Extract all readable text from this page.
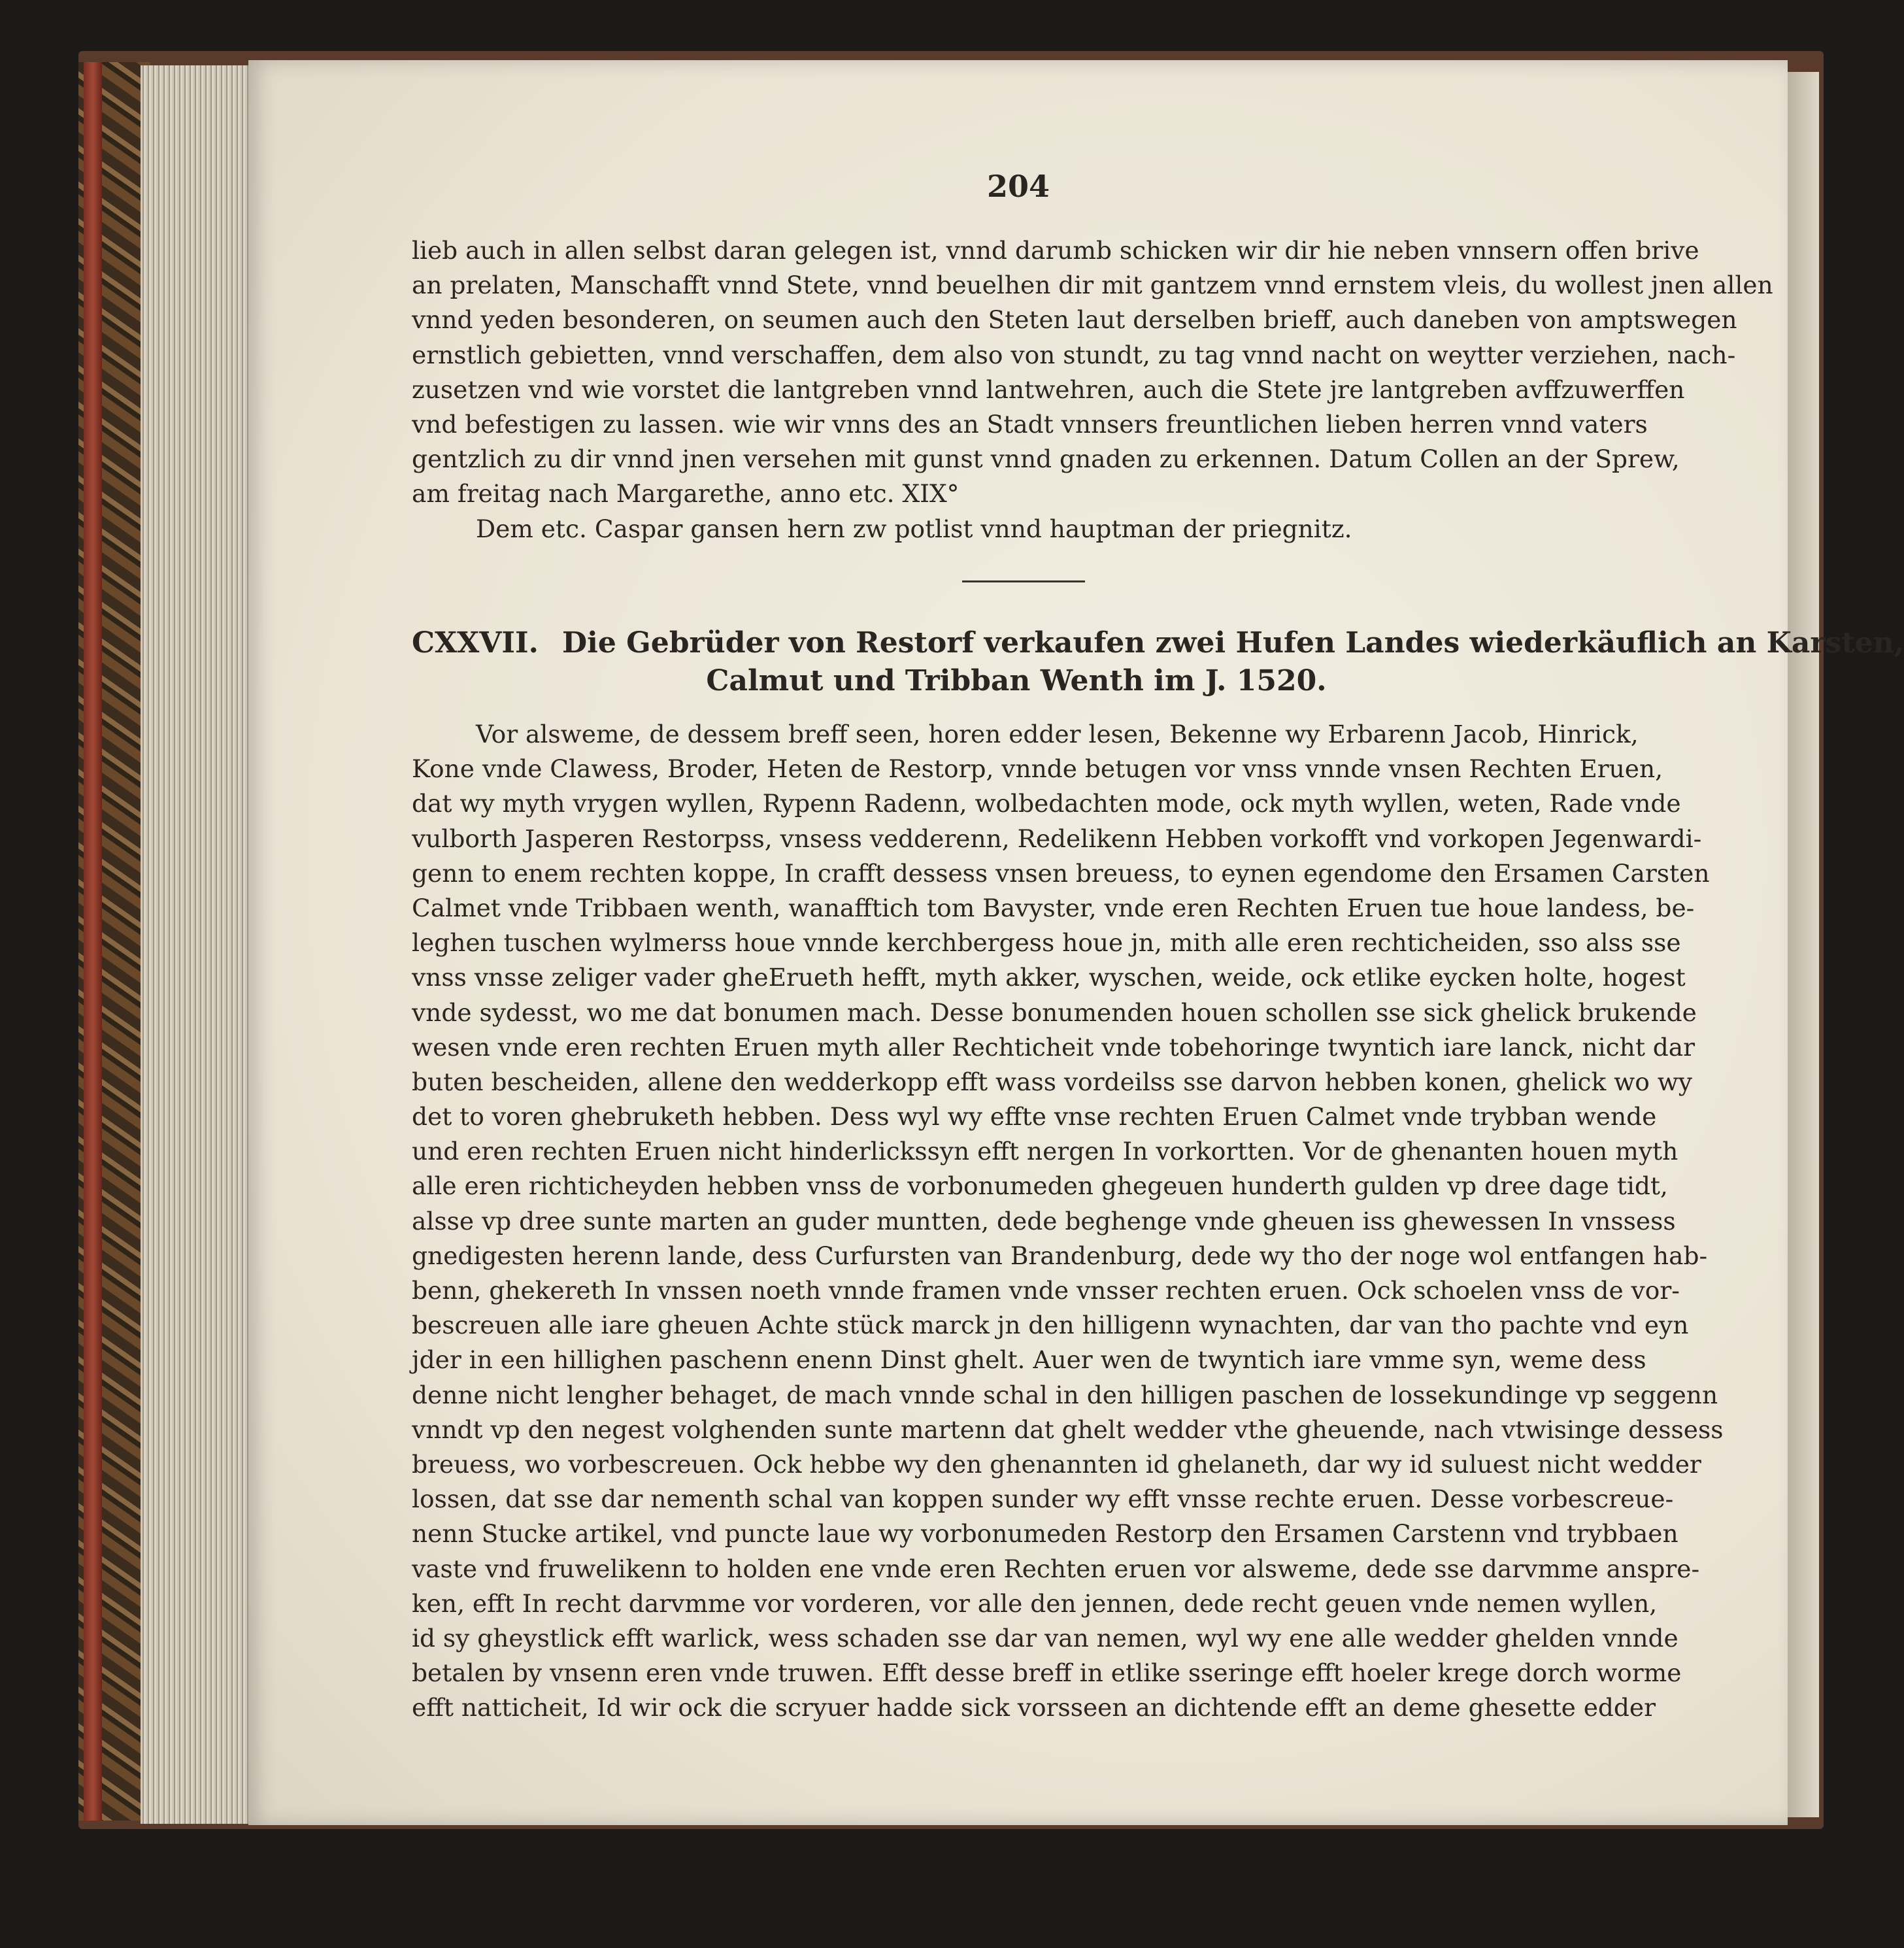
204
lieb auch in allen selbst daran gelegen ist, vnnd darumb schicken wir dir hie neben vnnsern offen brive
an prelaten, Manschafft vnnd Stete, vnnd beuelhen dir mit gantzem vnnd ernstem vleis, du wollest jnen allen
vnnd yeden besonderen, on seumen auch den Steten laut derselben brieff, auch daneben von amptswegen
ernstlich gebietten, vnnd verschaffen, dem also von stundt, zu tag vnnd nacht on weytter verziehen, nach-
zusetzen vnd wie vorstet die lantgreben vnnd lantwehren, auch die Stete jre lantgreben avffzuwerffen
vnd befestigen zu lassen. wie wir vnns des an Stadt vnnsers freuntlichen lieben herren vnnd vaters
gentzlich zu dir vnnd jnen versehen mit gunst vnnd gnaden zu erkennen. Datum Collen an der Sprew,
am freitag nach Margarethe, anno etc. XIX°
Dem etc. Caspar gansen hern zw potlist vnnd hauptman der priegnitz.
CXXVII. Die Gebrüder von Restorf verkaufen zwei Hufen Landes wiederkäuflich an Karsten,
Calmut und Tribban Wenth im J. 1520.
Vor alsweme, de dessem breff seen, horen edder lesen, Bekenne wy Erbarenn Jacob, Hinrick,
Kone vnde Clawess, Broder, Heten de Restorp, vnnde betugen vor vnss vnnde vnsen Rechten Eruen,
dat wy myth vrygen wyllen, Rypenn Radenn, wolbedachten mode, ock myth wyllen, weten, Rade vnde
vulborth Jasperen Restorpss, vnsess vedderenn, Redelikenn Hebben vorkofft vnd vorkopen Jegenwardi-
genn to enem rechten koppe, In crafft dessess vnsen breuess, to eynen egendome den Ersamen Carsten
Calmet vnde Tribbaen wenth, wanafftich tom Bavyster, vnde eren Rechten Eruen tue houe landess, be-
leghen tuschen wylmerss houe vnnde kerchbergess houe jn, mith alle eren rechticheiden, sso alss sse
vnss vnsse zeliger vader gheErueth hefft, myth akker, wyschen, weide, ock etlike eycken holte, hogest
vnde sydesst, wo me dat bonumen mach. Desse bonumenden houen schollen sse sick ghelick brukende
wesen vnde eren rechten Eruen myth aller Rechticheit vnde tobehoringe twyntich iare lanck, nicht dar
buten bescheiden, allene den wedderkopp efft wass vordeilss sse darvon hebben konen, ghelick wo wy
det to voren ghebruketh hebben. Dess wyl wy effte vnse rechten Eruen Calmet vnde trybban wende
und eren rechten Eruen nicht hinderlickssyn efft nergen In vorkortten. Vor de ghenanten houen myth
alle eren richticheyden hebben vnss de vorbonumeden ghegeuen hunderth gulden vp dree dage tidt,
alsse vp dree sunte marten an guder muntten, dede beghenge vnde gheuen iss ghewessen In vnssess
gnedigesten herenn lande, dess Curfursten van Brandenburg, dede wy tho der noge wol entfangen hab-
benn, ghekereth In vnssen noeth vnnde framen vnde vnsser rechten eruen. Ock schoelen vnss de vor-
bescreuen alle iare gheuen Achte stück marck jn den hilligenn wynachten, dar van tho pachte vnd eyn
jder in een hillighen paschenn enenn Dinst ghelt. Auer wen de twyntich iare vmme syn, weme dess
denne nicht lengher behaget, de mach vnnde schal in den hilligen paschen de lossekundinge vp seggenn
vnndt vp den negest volghenden sunte martenn dat ghelt wedder vthe gheuende, nach vtwisinge dessess
breuess, wo vorbescreuen. Ock hebbe wy den ghenannten id ghelaneth, dar wy id suluest nicht wedder
lossen, dat sse dar nementh schal van koppen sunder wy efft vnsse rechte eruen. Desse vorbescreue-
nenn Stucke artikel, vnd puncte laue wy vorbonumeden Restorp den Ersamen Carstenn vnd trybbaen
vaste vnd fruwelikenn to holden ene vnde eren Rechten eruen vor alsweme, dede sse darvmme anspre-
ken, efft In recht darvmme vor vorderen, vor alle den jennen, dede recht geuen vnde nemen wyllen,
id sy gheystlick efft warlick, wess schaden sse dar van nemen, wyl wy ene alle wedder ghelden vnnde
betalen by vnsenn eren vnde truwen. Efft desse breff in etlike sseringe efft hoeler krege dorch worme
efft natticheit, Id wir ock die scryuer hadde sick vorsseen an dichtende efft an deme ghesette edder
